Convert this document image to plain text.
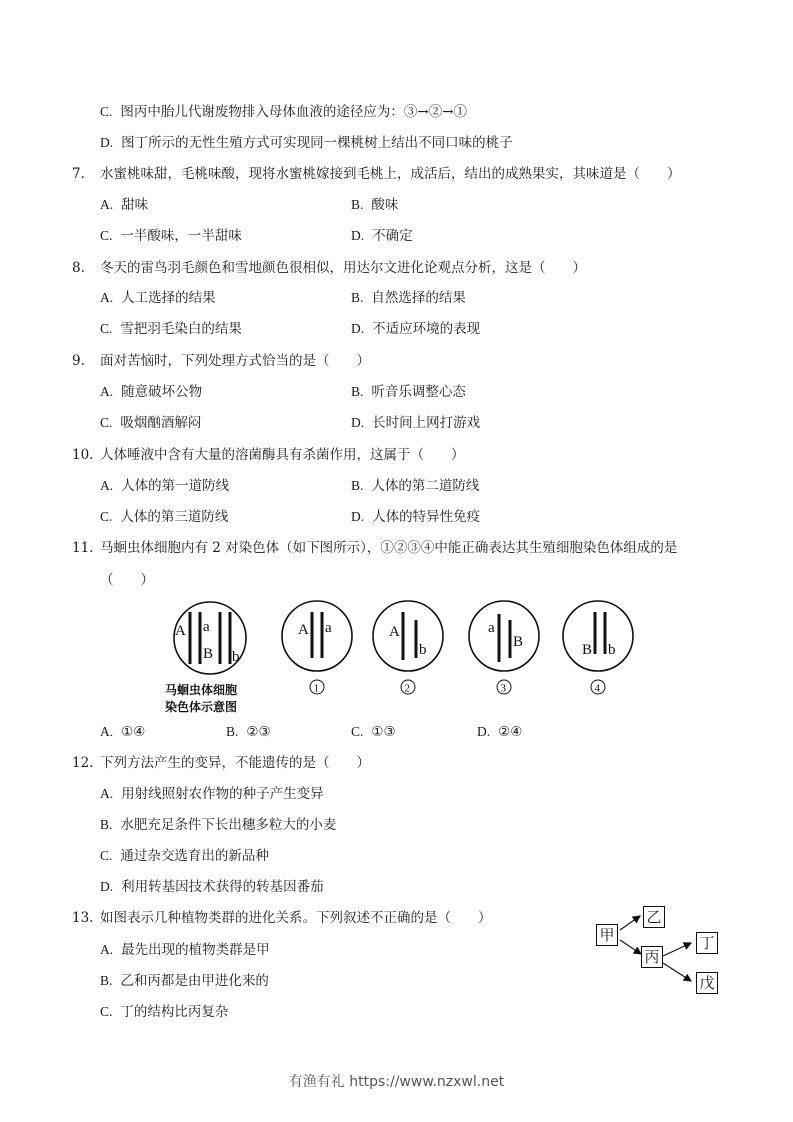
C. 图丙中胎儿代谢废物排入母体血液的途径应为：③→②→①
D. 图丁所示的无性生殖方式可实现同一棵桃树上结出不同口味的桃子
7. 水蜜桃味甜，毛桃味酸，现将水蜜桃嫁接到毛桃上，成活后，结出的成熟果实，其味道是（　　）
A. 甜味	B. 酸味
C. 一半酸味，一半甜味	D. 不确定
8. 冬天的雷鸟羽毛颜色和雪地颜色很相似，用达尔文进化论观点分析，这是（　　）
A. 人工选择的结果	B. 自然选择的结果
C. 雪把羽毛染白的结果	D. 不适应环境的表现
9. 面对苦恼时，下列处理方式恰当的是（　　）
A. 随意破坏公物	B. 听音乐调整心态
C. 吸烟酗酒解闷	D. 长时间上网打游戏
10. 人体唾液中含有大量的溶菌酶具有杀菌作用，这属于（　　）
A. 人体的第一道防线	B. 人体的第二道防线
C. 人体的第三道防线	D. 人体的特异性免疫
11. 马蛔虫体细胞内有 2 对染色体（如下图所示），①②③④中能正确表达其生殖细胞染色体组成的是
（　　）
A a
B b
马蛔虫体细胞
染色体示意图
A a
1
A
b
2
a
B
3
B b
4
A. ①④	B. ②③	C. ①③	D. ②④
12. 下列方法产生的变异，不能遗传的是（　　）
A. 用射线照射农作物的种子产生变异
B. 水肥充足条件下长出穗多粒大的小麦
C. 通过杂交选育出的新品种
D. 利用转基因技术获得的转基因番茄
13. 如图表示几种植物类群的进化关系。下列叙述不正确的是（　　）
A. 最先出现的植物类群是甲
B. 乙和丙都是由甲进化来的
C. 丁的结构比丙复杂
甲
乙
丙
丁
戊
有渔有礼 https://www.nzxwl.net
